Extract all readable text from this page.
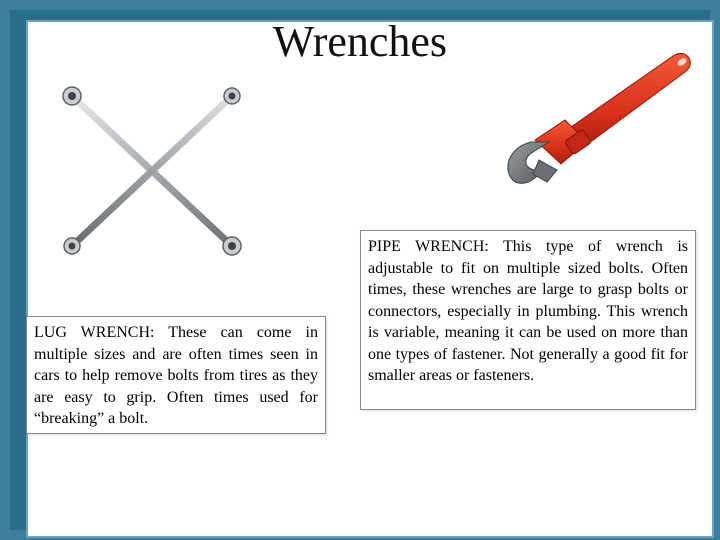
Wrenches
LUG WRENCH: These can come in multiple sizes and are often times seen in cars to help remove bolts from tires as they are easy to grip. Often times used for “breaking” a bolt.
PIPE WRENCH: This type of wrench is adjustable to fit on multiple sized bolts. Often times, these wrenches are large to grasp bolts or connectors, especially in plumbing. This wrench is variable, meaning it can be used on more than one types of fastener. Not generally a good fit for smaller areas or fasteners.
